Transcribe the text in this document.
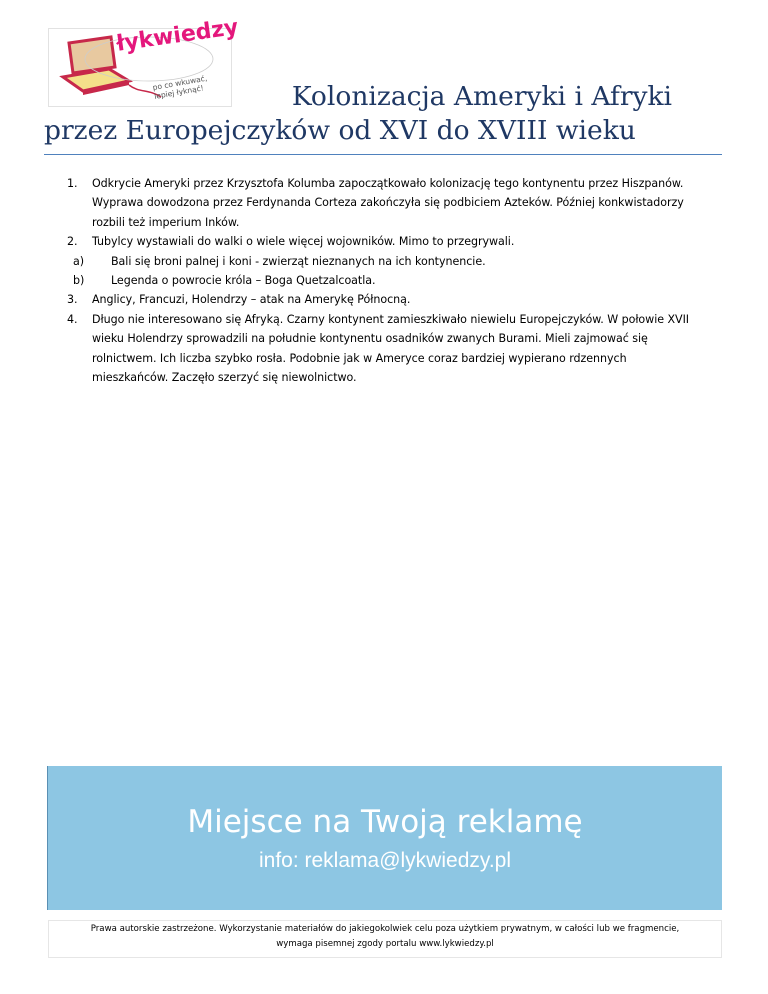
łykwiedzy
po co wkuwać, lepiej łyknąć!	Kolonizacja Ameryki i Afryki
przez Europejczyków od XVI do XVIII wieku
1. Odkrycie Ameryki przez Krzysztofa Kolumba zapoczątkowało kolonizację tego kontynentu przez Hiszpanów.
Wyprawa dowodzona przez Ferdynanda Corteza zakończyła się podbiciem Azteków. Później konkwistadorzy
rozbili też imperium Inków.
2. Tubylcy wystawiali do walki o wiele więcej wojowników. Mimo to przegrywali.
a) Bali się broni palnej i koni - zwierząt nieznanych na ich kontynencie.
b) Legenda o powrocie króla – Boga Quetzalcoatla.
3. Anglicy, Francuzi, Holendrzy – atak na Amerykę Północną.
4. Długo nie interesowano się Afryką. Czarny kontynent zamieszkiwało niewielu Europejczyków. W połowie XVII
wieku Holendrzy sprowadzili na południe kontynentu osadników zwanych Burami. Mieli zajmować się
rolnictwem. Ich liczba szybko rosła. Podobnie jak w Ameryce coraz bardziej wypierano rdzennych
mieszkańców. Zaczęło szerzyć się niewolnictwo.
Miejsce na Twoją reklamę
info: reklama@lykwiedzy.pl
Prawa autorskie zastrzeżone. Wykorzystanie materiałów do jakiegokolwiek celu poza użytkiem prywatnym, w całości lub we fragmencie,
wymaga pisemnej zgody portalu www.lykwiedzy.pl
